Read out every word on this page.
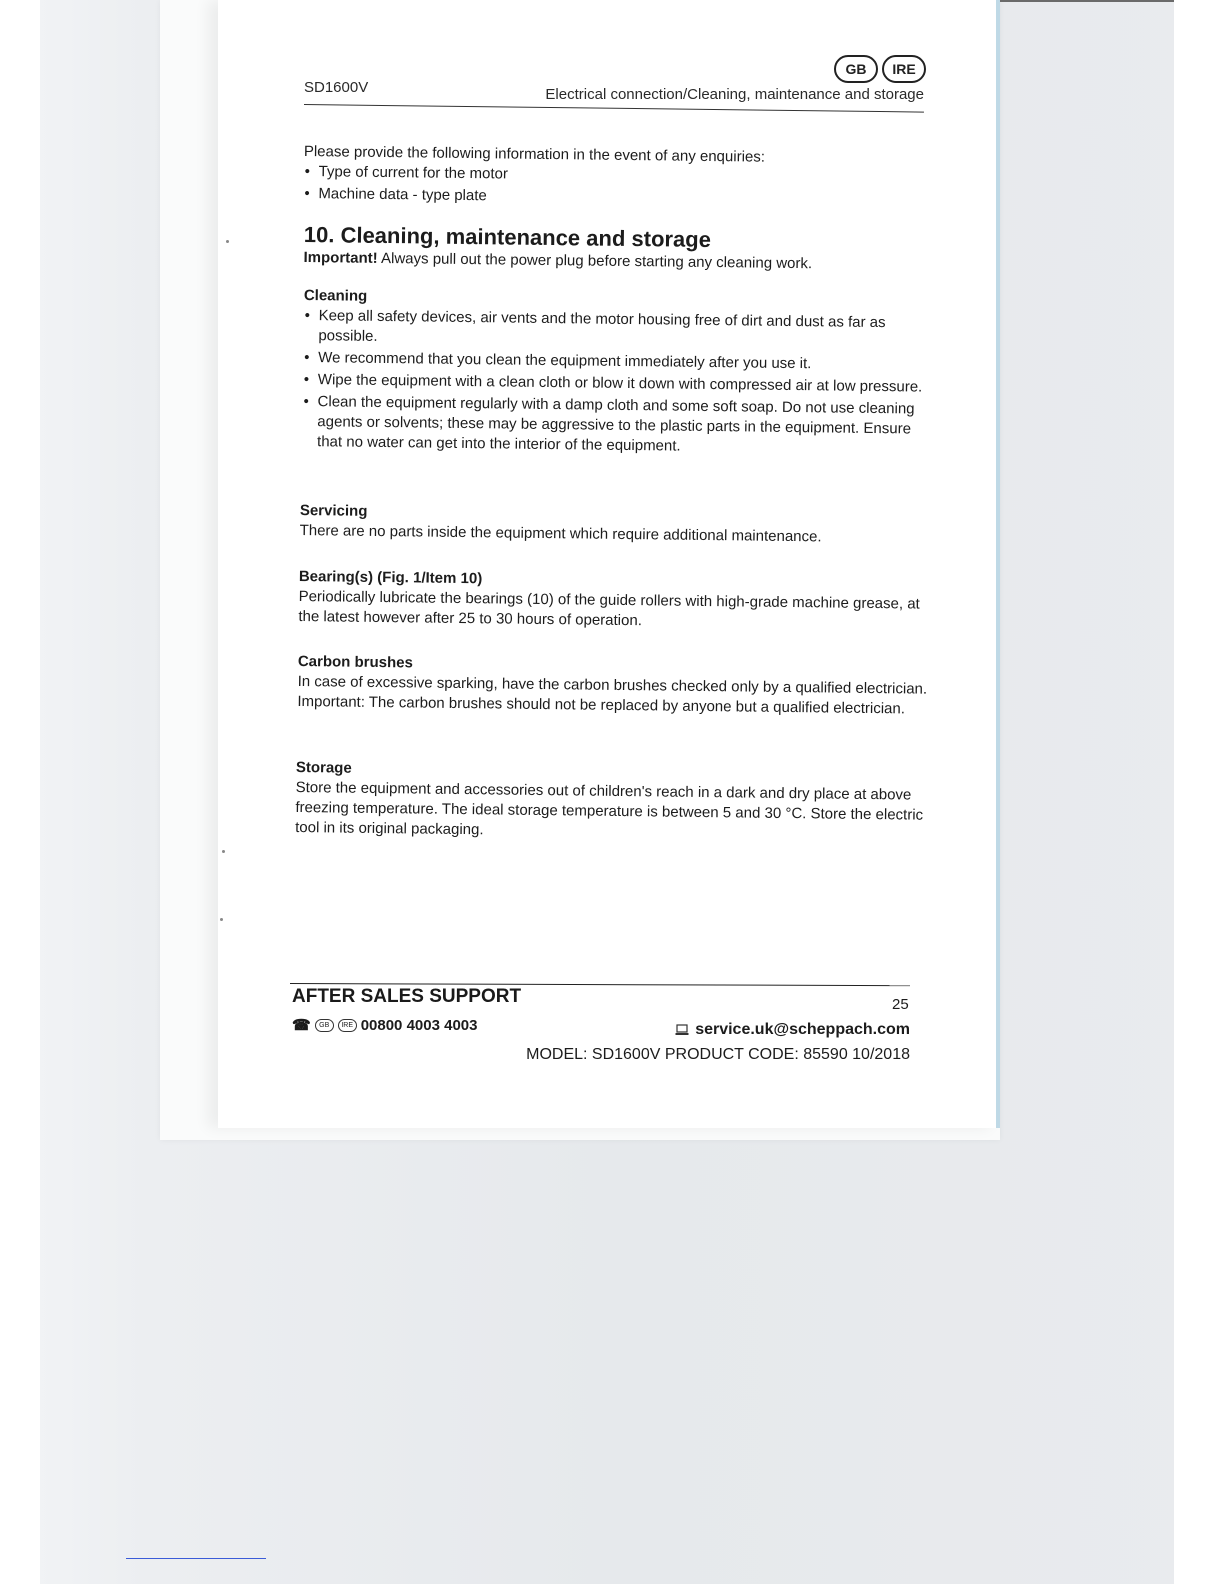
GB	IRE
SD1600V	Electrical connection/Cleaning, maintenance and storage

Please provide the following information in the event of any enquiries:

• Type of current for the motor
• Machine data - type plate
10. Cleaning, maintenance and storage

Important! Always pull out the power plug before starting any cleaning work.

Cleaning

• Keep all safety devices, air vents and the motor housing free of dirt and dust as far as possible.
• We recommend that you clean the equipment immediately after you use it.
• Wipe the equipment with a clean cloth or blow it down with compressed air at low pressure.
• Clean the equipment regularly with a damp cloth and some soft soap. Do not use cleaning agents or solvents; these may be aggressive to the plastic parts in the equipment. Ensure that no water can get into the interior of the equipment.

Servicing

There are no parts inside the equipment which require additional maintenance.

Bearing(s) (Fig. 1/Item 10)

Periodically lubricate the bearings (10) of the guide rollers with high-grade machine grease, at the latest however after 25 to 30 hours of operation.

Carbon brushes

In case of excessive sparking, have the carbon brushes checked only by a qualified electrician. Important: The carbon brushes should not be replaced by anyone but a qualified electrician.

Storage

Store the equipment and accessories out of children's reach in a dark and dry place at above freezing temperature. The ideal storage temperature is between 5 and 30 °C. Store the electric tool in its original packaging.

AFTER SALES SUPPORT	25
☎	GB	IRE 00800 4003 4003	service.uk@scheppach.com
MODEL: SD1600V PRODUCT CODE: 85590 10/2018
